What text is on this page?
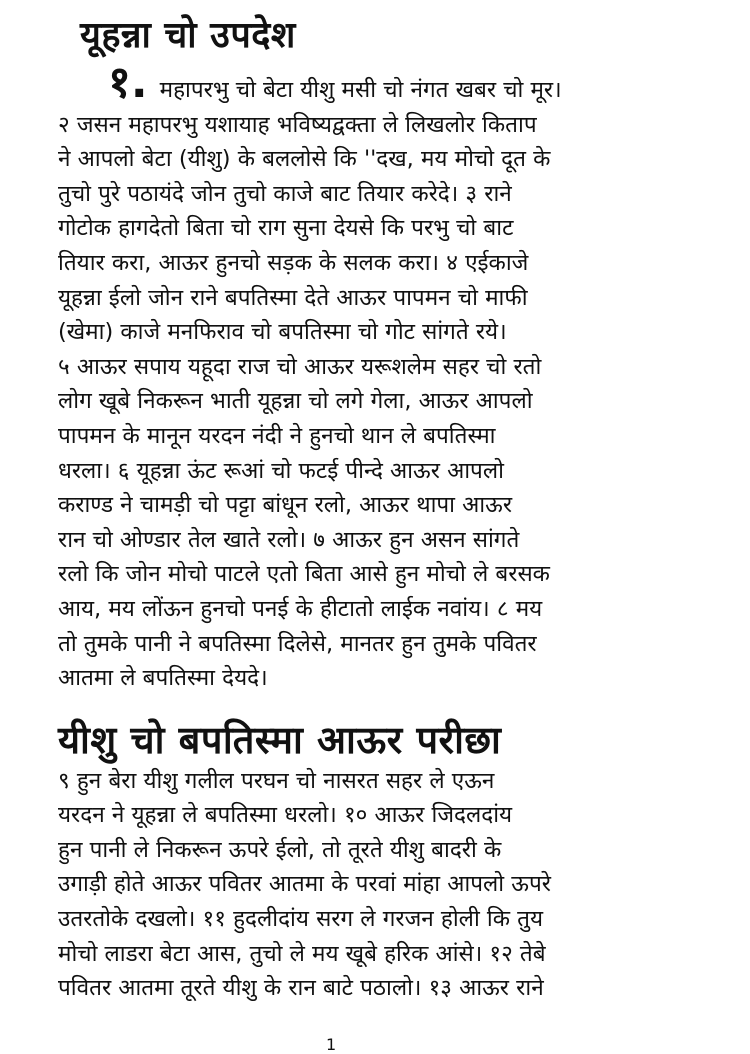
यूहन्ना चो उपदेश
१. महापरभु चो बेटा यीशु मसी चो नंगत खबर चो मूर।
२ जसन महापरभु यशायाह भविष्यद्वक्ता ले लिखलोर किताप
ने आपलो बेटा (यीशु) के बललोसे कि ''दख, मय मोचो दूत के
तुचो पुरे पठायंदे जोन तुचो काजे बाट तियार करेदे। ३ राने
गोटोक हागदेतो बिता चो राग सुना देयसे कि परभु चो बाट
तियार करा, आऊर हुनचो सड़क के सलक करा। ४ एईकाजे
यूहन्ना ईलो जोन राने बपतिस्मा देते आऊर पापमन चो माफी
(खेमा) काजे मनफिराव चो बपतिस्मा चो गोट सांगते रये।
५ आऊर सपाय यहूदा राज चो आऊर यरूशलेम सहर चो रतो
लोग खूबे निकरून भाती यूहन्ना चो लगे गेला, आऊर आपलो
पापमन के मानून यरदन नंदी ने हुनचो थान ले बपतिस्मा
धरला। ६ यूहन्ना ऊंट रूआं चो फटई पीन्दे आऊर आपलो
कराण्ड ने चामड़ी चो पट्टा बांधून रलो, आऊर थापा आऊर
रान चो ओण्डार तेल खाते रलो। ७ आऊर हुन असन सांगते
रलो कि जोन मोचो पाटले एतो बिता आसे हुन मोचो ले बरसक
आय, मय लोंऊन हुनचो पनई के हीटातो लाईक नवांय। ८ मय
तो तुमके पानी ने बपतिस्मा दिलेसे, मानतर हुन तुमके पवितर
आतमा ले बपतिस्मा देयदे।
यीशु चो बपतिस्मा आऊर परीछा
९ हुन बेरा यीशु गलील परघन चो नासरत सहर ले एऊन
यरदन ने यूहन्ना ले बपतिस्मा धरलो। १० आऊर जिदलदांय
हुन पानी ले निकरून ऊपरे ईलो, तो तूरते यीशु बादरी के
उगाड़ी होते आऊर पवितर आतमा के परवां मांहा आपलो ऊपरे
उतरतोके दखलो। ११ हुदलीदांय सरग ले गरजन होली कि तुय
मोचो लाडरा बेटा आस, तुचो ले मय खूबे हरिक आंसे। १२ तेबे
पवितर आतमा तूरते यीशु के रान बाटे पठालो। १३ आऊर राने
1
